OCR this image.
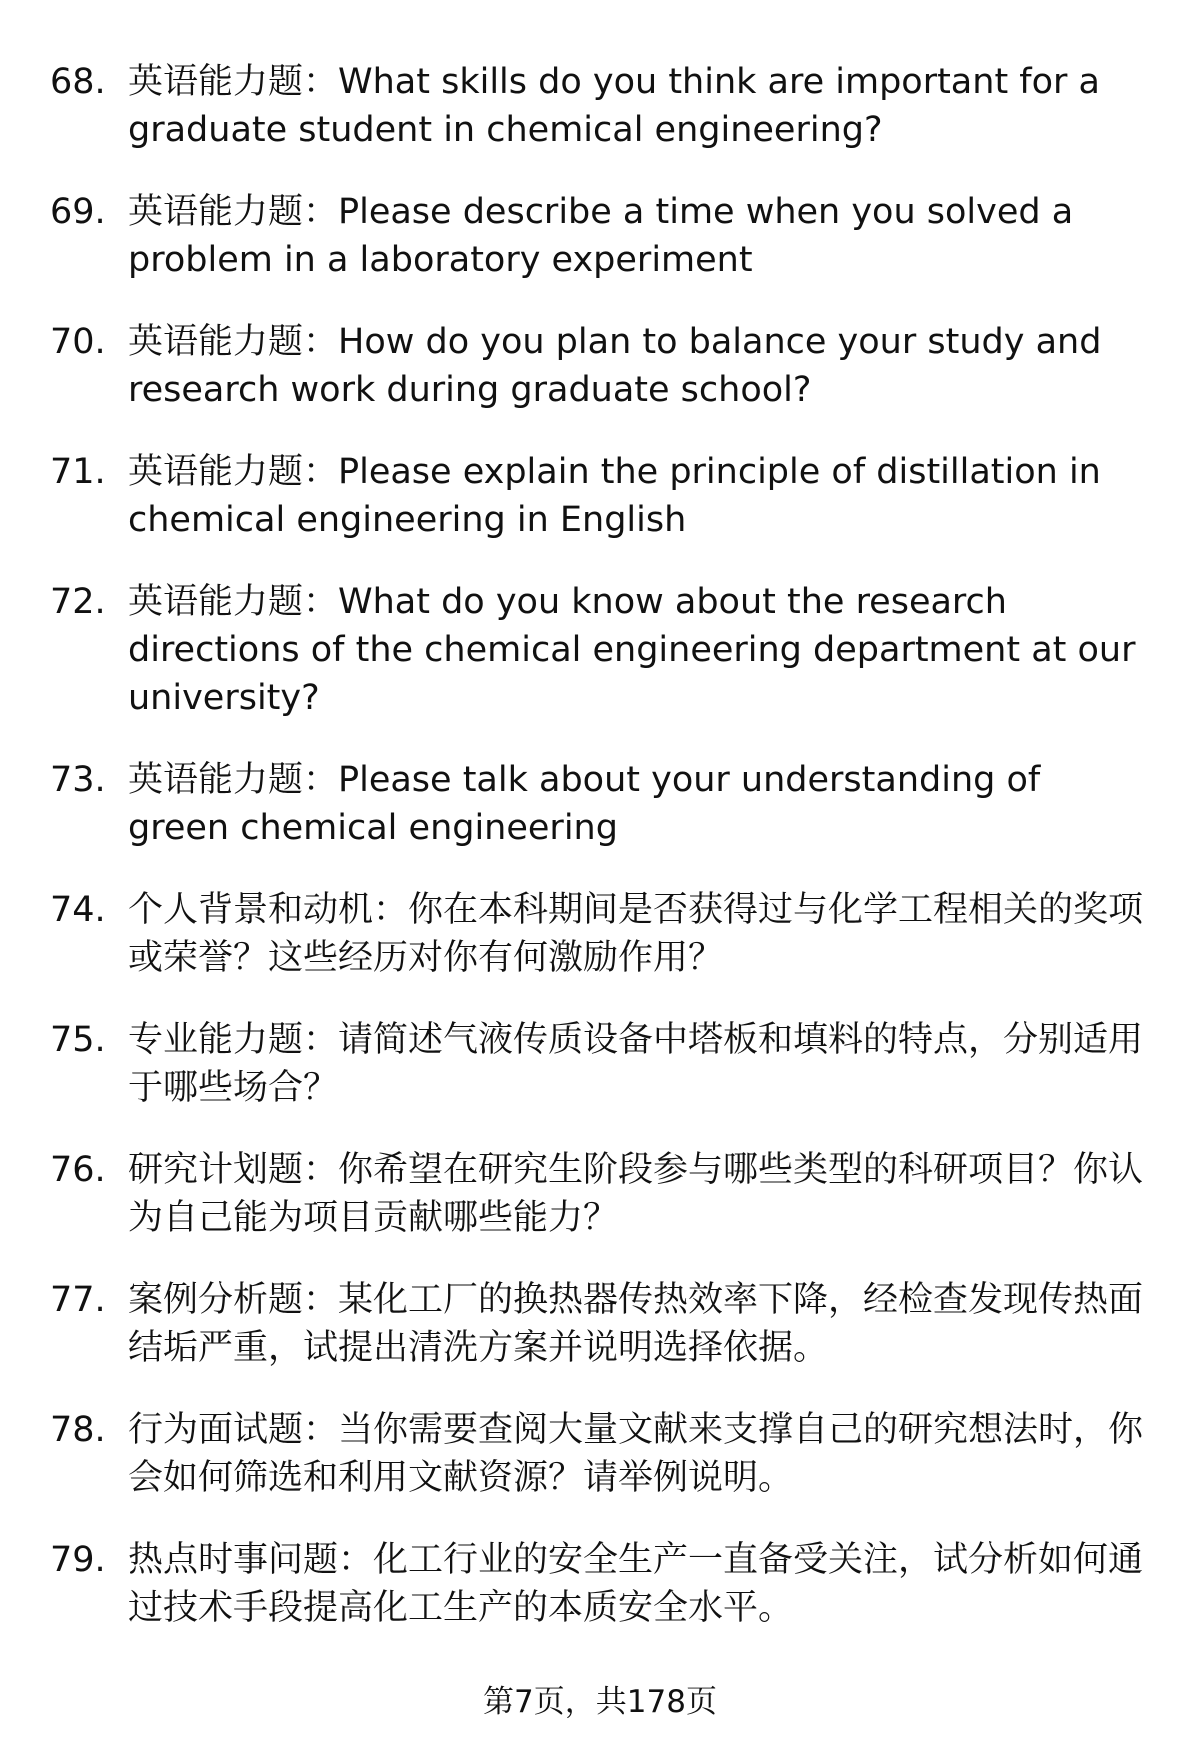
68. 英语能力题：What skills do you think are important for a graduate student in chemical engineering?
69. 英语能力题：Please describe a time when you solved a problem in a laboratory experiment
70. 英语能力题：How do you plan to balance your study and research work during graduate school?
71. 英语能力题：Please explain the principle of distillation in chemical engineering in English
72. 英语能力题：What do you know about the research directions of the chemical engineering department at our university?
73. 英语能力题：Please talk about your understanding of green chemical engineering
74. 个人背景和动机：你在本科期间是否获得过与化学工程相关的奖项或荣誉？这些经历对你有何激励作用？
75. 专业能力题：请简述气液传质设备中塔板和填料的特点，分别适用于哪些场合？
76. 研究计划题：你希望在研究生阶段参与哪些类型的科研项目？你认为自己能为项目贡献哪些能力？
77. 案例分析题：某化工厂的换热器传热效率下降，经检查发现传热面结垢严重，试提出清洗方案并说明选择依据。
78. 行为面试题：当你需要查阅大量文献来支撑自己的研究想法时，你会如何筛选和利用文献资源？请举例说明。
79. 热点时事问题：化工行业的安全生产一直备受关注，试分析如何通过技术手段提高化工生产的本质安全水平。
第7页，共178页
